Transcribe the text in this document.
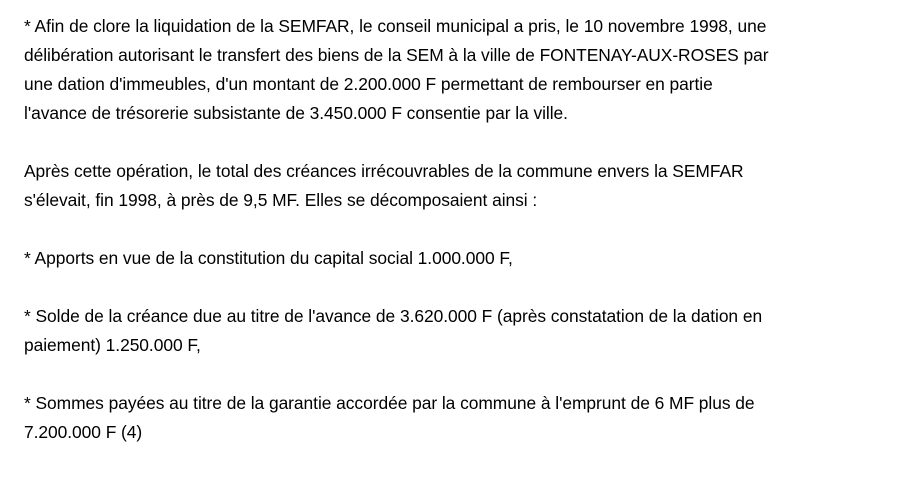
* Afin de clore la liquidation de la SEMFAR, le conseil municipal a pris, le 10 novembre 1998, une
délibération autorisant le transfert des biens de la SEM à la ville de FONTENAY-AUX-ROSES par
une dation d'immeubles, d'un montant de 2.200.000 F permettant de rembourser en partie
l'avance de trésorerie subsistante de 3.450.000 F consentie par la ville.
Après cette opération, le total des créances irrécouvrables de la commune envers la SEMFAR
s'élevait, fin 1998, à près de 9,5 MF. Elles se décomposaient ainsi :
* Apports en vue de la constitution du capital social 1.000.000 F,
* Solde de la créance due au titre de l'avance de 3.620.000 F (après constatation de la dation en
paiement) 1.250.000 F,
* Sommes payées au titre de la garantie accordée par la commune à l'emprunt de 6 MF plus de
7.200.000 F (4)
